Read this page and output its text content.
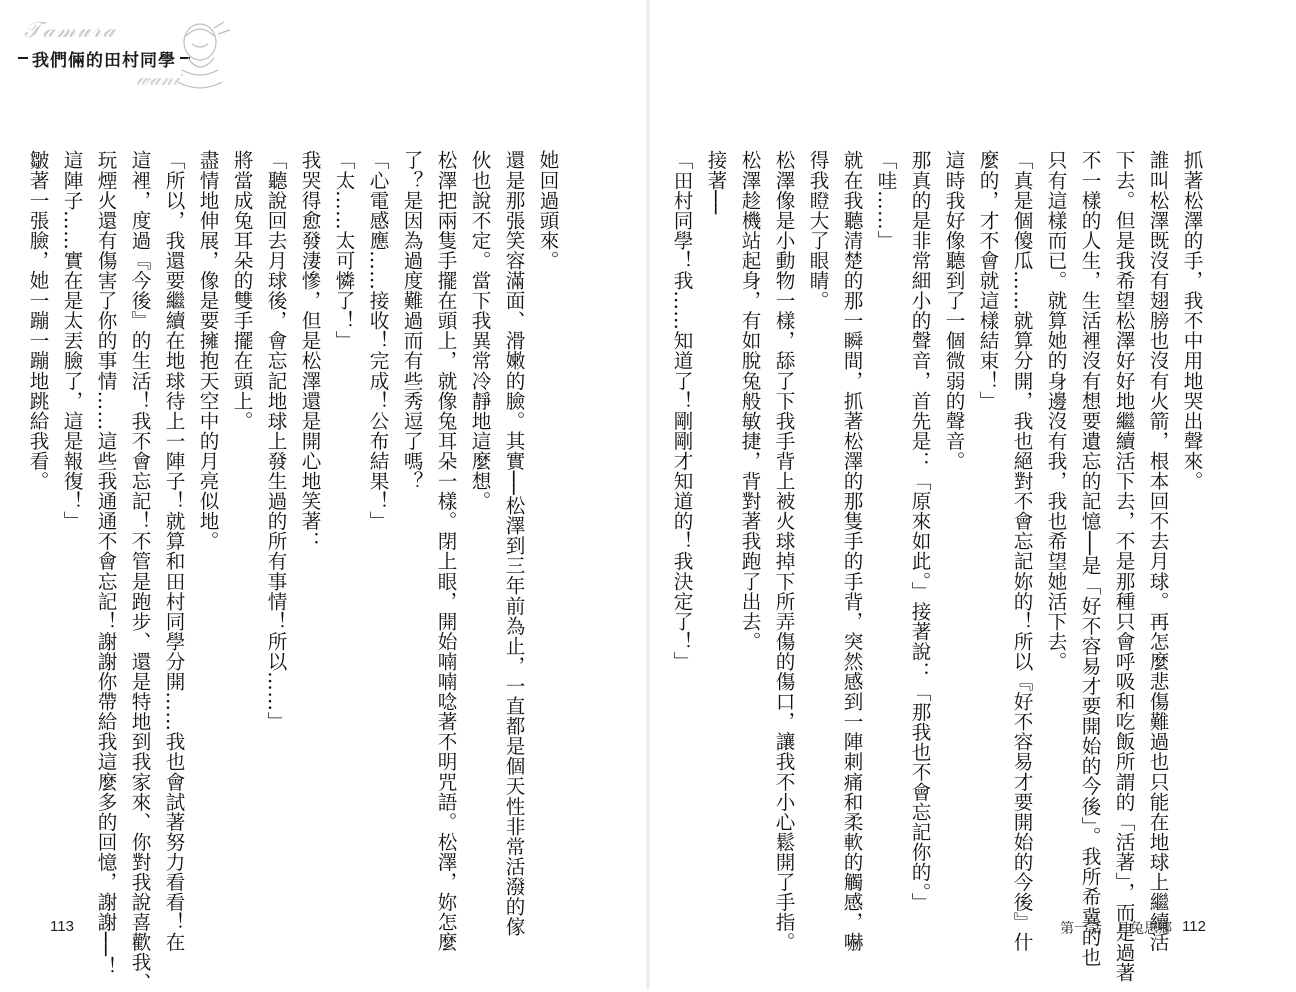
𝒯𝒶𝓂𝓊𝓇𝒶
我們倆的田村同學
𝓌𝒶𝓃𝒾
抓著松澤的手，我不中用地哭出聲來。
誰叫松澤既沒有翅膀也沒有火箭，根本回不去月球。再怎麼悲傷難過也只能在地球上繼續活
下去。但是我希望松澤好好地繼續活下去，不是那種只會呼吸和吃飯所謂的「活著」，而是過著
不一樣的人生，生活裡沒有想要遺忘的記憶──是「好不容易才要開始的今後」。我所希冀的也
只有這樣而已。就算她的身邊沒有我，我也希望她活下去。
「真是個傻瓜……就算分開，我也絕對不會忘記妳的！所以『好不容易才要開始的今後』什
麼的，才不會就這樣結束！」
這時我好像聽到了一個微弱的聲音。
那真的是非常細小的聲音，首先是：「原來如此。」接著說：「那我也不會忘記你的。」
「哇……」
就在我聽清楚的那一瞬間，抓著松澤的那隻手的手背，突然感到一陣刺痛和柔軟的觸感，嚇
得我瞪大了眼睛。
松澤像是小動物一樣，舔了下我手背上被火球掉下所弄傷的傷口，讓我不小心鬆開了手指。
松澤趁機站起身，有如脫兔般敏捷，背對著我跑了出去。
接著──
「田村同學！我……知道了！剛剛才知道的！我決定了！」
第一話　月兔思鄉 112
她回過頭來。
還是那張笑容滿面、滑嫩的臉。其實──松澤到三年前為止，一直都是個天性非常活潑的傢
伙也說不定。當下我異常冷靜地這麼想。
松澤把兩隻手擺在頭上，就像兔耳朵一樣。閉上眼，開始喃喃唸著不明咒語。松澤，妳怎麼
了？是因為過度難過而有些秀逗了嗎？
「心電感應……接收！完成！公布結果！」
「太……太可憐了！」
我哭得愈發淒慘，但是松澤還是開心地笑著：
「聽說回去月球後，會忘記地球上發生過的所有事情！所以……」
將當成兔耳朵的雙手擺在頭上。
盡情地伸展，像是要擁抱天空中的月亮似地。
「所以，我還要繼續在地球待上一陣子！就算和田村同學分開……我也會試著努力看看！在
這裡，度過『今後』的生活！我不會忘記！不管是跑步、還是特地到我家來、你對我說喜歡我、
玩煙火還有傷害了你的事情……這些我通通不會忘記！謝謝你帶給我這麼多的回憶，謝謝──！
這陣子……實在是太丟臉了，這是報復！」
皺著一張臉，她一蹦一蹦地跳給我看。
113
